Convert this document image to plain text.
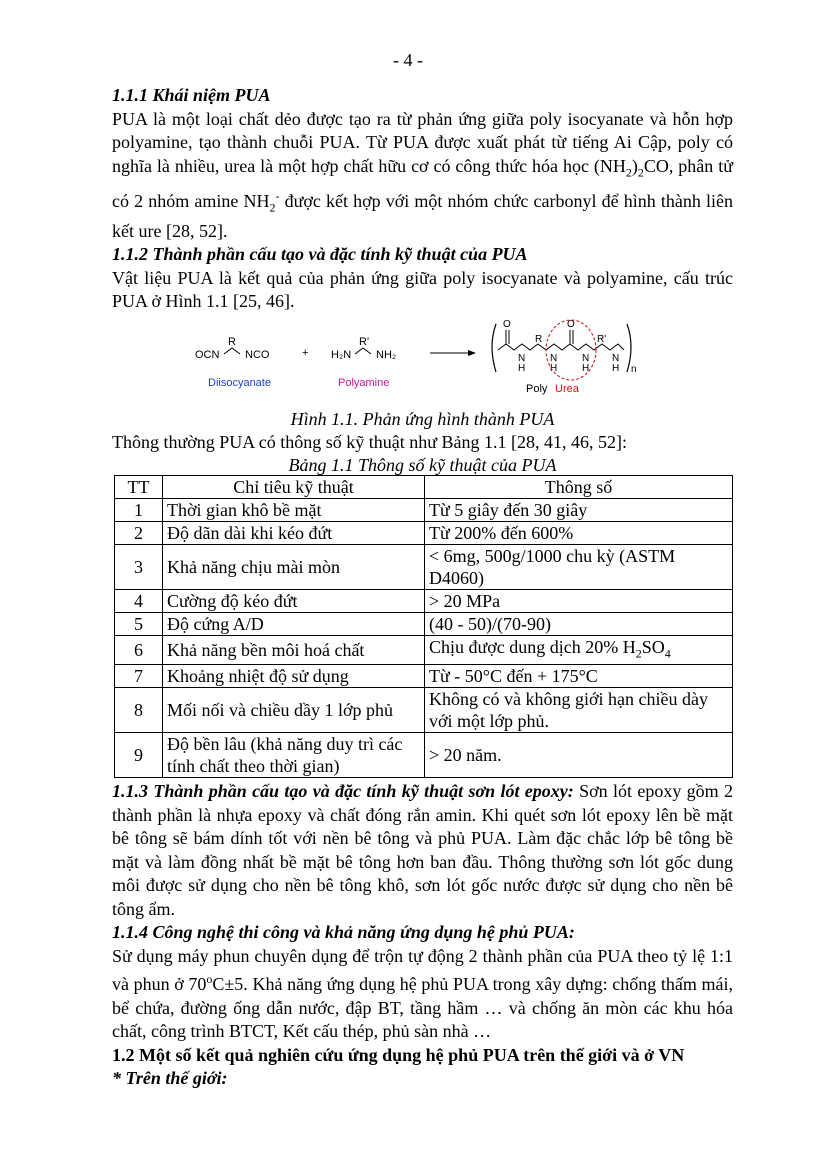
- 4 -
1.1.1 Khái niệm PUA

PUA là một loại chất dẻo được tạo ra từ phản ứng giữa poly isocyanate và hỗn hợp polyamine, tạo thành chuỗi PUA. Từ PUA được xuất phát từ tiếng Ai Cập, poly có nghĩa là nhiều, urea là một hợp chất hữu cơ có công thức hóa học $(NH_2)_2CO$, phân tử có 2 nhóm amine $NH_2^-$ được kết hợp với một nhóm chức carbonyl để hình thành liên kết ure [28, 52].

1.1.2 Thành phần cấu tạo và đặc tính kỹ thuật của PUA

Vật liệu PUA là kết quả của phản ứng giữa poly isocyanate và polyamine, cấu trúc PUA ở Hình 1.1 [25, 46].

OCN
R
NCO
Diisocyanate
+ H₂N
R'
NH₂
Polyamine
n
O	O
N
H
R
N
H
N
H
R'
N
H
Poly Urea

Hình 1.1. Phản ứng hình thành PUA

Thông thường PUA có thông số kỹ thuật như Bảng 1.1 [28, 41, 46, 52]:

Bảng 1.1 Thông số kỹ thuật của PUA

TT	Chỉ tiêu kỹ thuật	Thông số
1	Thời gian khô bề mặt	Từ 5 giây đến 30 giây
2	Độ dãn dài khi kéo đứt	Từ 200% đến 600%
3	Khả năng chịu mài mòn	< 6mg, 500g/1000 chu kỳ (ASTM D4060)
4	Cường độ kéo đứt	> 20 MPa
5	Độ cứng A/D	(40 - 50)/(70-90)
6	Khả năng bền môi hoá chất	Chịu được dung dịch 20% $H_2SO_4$
7	Khoảng nhiệt độ sử dụng	Từ - 50°C đến + 175°C
8	Mối nối và chiều dầy 1 lớp phủ	Không có và không giới hạn chiều dày với một lớp phủ.
9	Độ bền lâu (khả năng duy trì các tính chất theo thời gian)	> 20 năm.

1.1.3 Thành phần cấu tạo và đặc tính kỹ thuật sơn lót epoxy: Sơn lót epoxy gồm 2 thành phần là nhựa epoxy và chất đóng rắn amin. Khi quét sơn lót epoxy lên bề mặt bê tông sẽ bám dính tốt với nền bê tông và phủ PUA. Làm đặc chắc lớp bê tông bề mặt và làm đồng nhất bề mặt bê tông hơn ban đầu. Thông thường sơn lót gốc dung môi được sử dụng cho nền bê tông khô, sơn lót gốc nước được sử dụng cho nền bê tông ẩm.

1.1.4 Công nghệ thi công và khả năng ứng dụng hệ phủ PUA:

Sử dụng máy phun chuyên dụng để trộn tự động 2 thành phần của PUA theo tỷ lệ 1:1 và phun ở $70^oC\pm 5$. Khả năng ứng dụng hệ phủ PUA trong xây dựng: chống thấm mái, bể chứa, đường ống dẫn nước, đập BT, tầng hầm … và chống ăn mòn các khu hóa chất, công trình BTCT, Kết cấu thép, phủ sàn nhà …

1.2 Một số kết quả nghiên cứu ứng dụng hệ phủ PUA trên thế giới và ở VN
* Trên thế giới:
